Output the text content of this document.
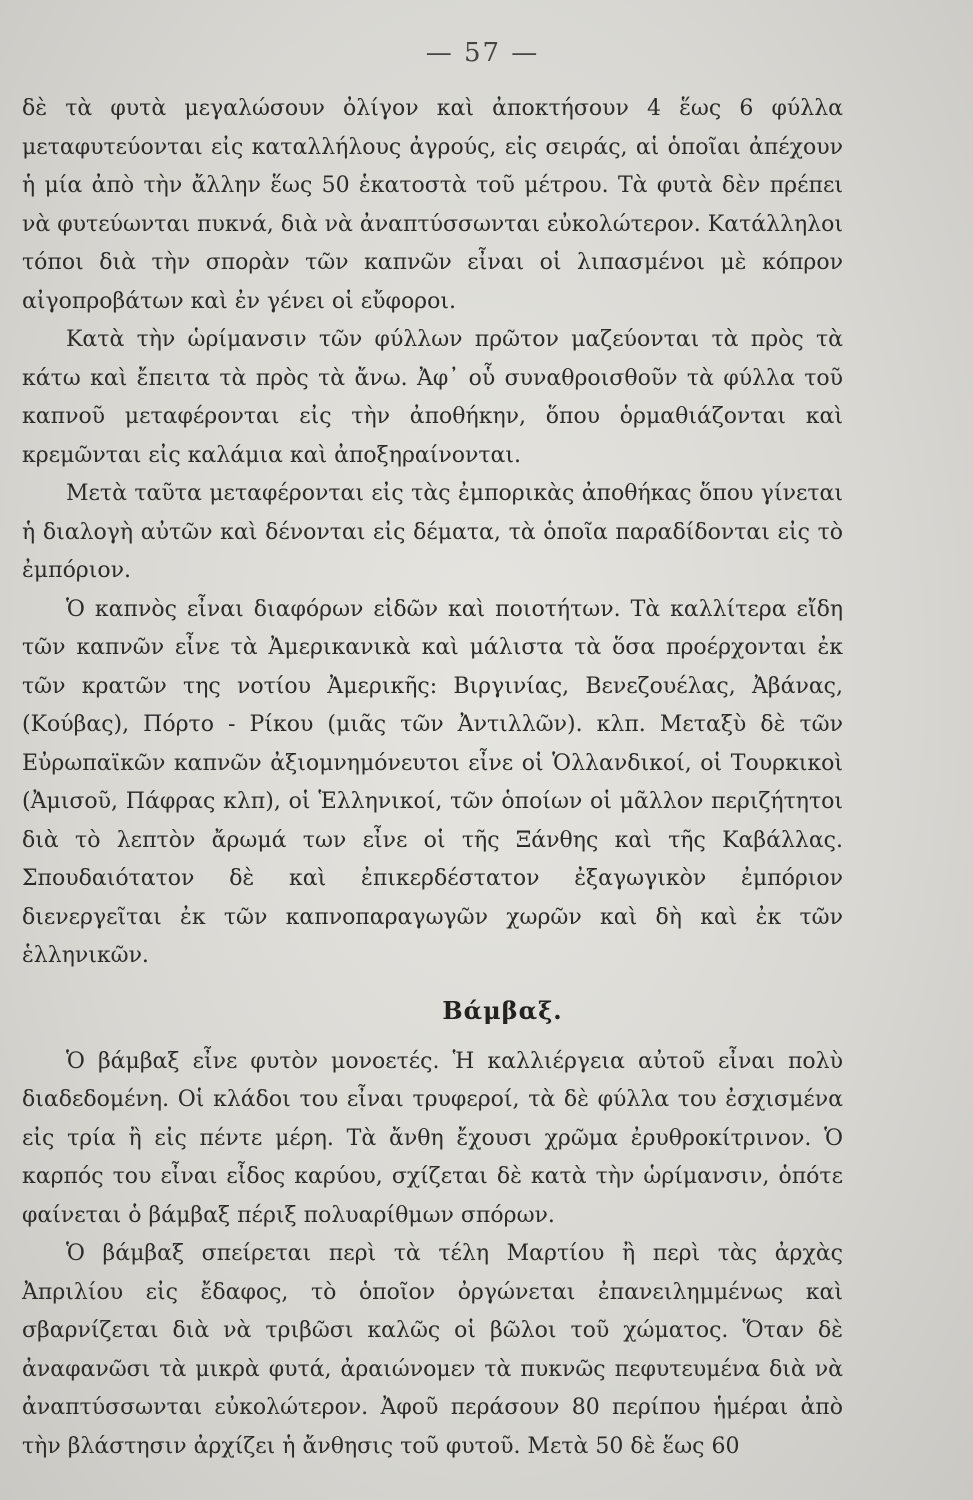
— 57 —

δὲ τὰ φυτὰ μεγαλώσουν ὀλίγον καὶ ἀποκτήσουν 4 ἕως 6 φύλλα μεταφυτεύονται εἰς καταλλήλους ἀγρούς, εἰς σειράς, αἱ ὁποῖαι ἀπέχουν ἡ μία ἀπὸ τὴν ἄλλην ἕως 50 ἑκατοστὰ τοῦ μέτρου. Τὰ φυτὰ δὲν πρέπει νὰ φυτεύωνται πυκνά, διὰ νὰ ἀναπτύσσωνται εὐκολώτερον. Κατάλληλοι τόποι διὰ τὴν σπορὰν τῶν καπνῶν εἶναι οἱ λιπασμένοι μὲ κόπρον αἰγοπροβάτων καὶ ἐν γένει οἱ εὔφοροι.

Κατὰ τὴν ὡρίμανσιν τῶν φύλλων πρῶτον μαζεύονται τὰ πρὸς τὰ κάτω καὶ ἔπειτα τὰ πρὸς τὰ ἄνω. Ἀφ᾽ οὗ συναθροισθοῦν τὰ φύλλα τοῦ καπνοῦ μεταφέρονται εἰς τὴν ἀποθήκην, ὅπου ὁρμαθιάζονται καὶ κρεμῶνται εἰς καλάμια καὶ ἀποξηραίνονται.

Μετὰ ταῦτα μεταφέρονται εἰς τὰς ἐμπορικὰς ἀποθήκας ὅπου γίνεται ἡ διαλογὴ αὐτῶν καὶ δένονται εἰς δέματα, τὰ ὁποῖα παραδίδονται εἰς τὸ ἐμπόριον.

Ὁ καπνὸς εἶναι διαφόρων εἰδῶν καὶ ποιοτήτων. Τὰ καλλίτερα εἴδη τῶν καπνῶν εἶνε τὰ Ἀμερικανικὰ καὶ μάλιστα τὰ ὅσα προέρχονται ἐκ τῶν κρατῶν της νοτίου Ἀμερικῆς: Βιργινίας, Βενεζουέλας, Ἀβάνας, (Κούβας), Πόρτο - Ρίκου (μιᾶς τῶν Ἀντιλλῶν). κλπ. Μεταξὺ δὲ τῶν Εὐρωπαϊκῶν καπνῶν ἀξιομνημόνευτοι εἶνε οἱ Ὁλλανδικοί, οἱ Τουρκικοὶ (Ἀμισοῦ, Πάφρας κλπ), οἱ Ἑλληνικοί, τῶν ὁποίων οἱ μᾶλλον περιζήτητοι διὰ τὸ λεπτὸν ἄρωμά των εἶνε οἱ τῆς Ξάνθης καὶ τῆς Καβάλλας. Σπουδαιότατον δὲ καὶ ἐπικερδέστατον ἐξαγωγικὸν ἐμπόριον διενεργεῖται ἐκ τῶν καπνοπαραγωγῶν χωρῶν καὶ δὴ καὶ ἐκ τῶν ἑλληνικῶν.

Βάμβαξ.

Ὁ βάμβαξ εἶνε φυτὸν μονοετές. Ἡ καλλιέργεια αὐτοῦ εἶναι πολὺ διαδεδομένη. Οἱ κλάδοι του εἶναι τρυφεροί, τὰ δὲ φύλλα του ἐσχισμένα εἰς τρία ἢ εἰς πέντε μέρη. Τὰ ἄνθη ἔχουσι χρῶμα ἐρυθροκίτρινον. Ὁ καρπός του εἶναι εἶδος καρύου, σχίζεται δὲ κατὰ τὴν ὡρίμανσιν, ὁπότε φαίνεται ὁ βάμβαξ πέριξ πολυαρίθμων σπόρων.

Ὁ βάμβαξ σπείρεται περὶ τὰ τέλη Μαρτίου ἢ περὶ τὰς ἀρχὰς Ἀπριλίου εἰς ἔδαφος, τὸ ὁποῖον ὀργώνεται ἐπανειλημμένως καὶ σβαρνίζεται διὰ νὰ τριβῶσι καλῶς οἱ βῶλοι τοῦ χώματος. Ὅταν δὲ ἀναφανῶσι τὰ μικρὰ φυτά, ἀραιώνομεν τὰ πυκνῶς πεφυτευμένα διὰ νὰ ἀναπτύσσωνται εὐκολώτερον. Ἀφοῦ περάσουν 80 περίπου ἡμέραι ἀπὸ τὴν βλάστησιν ἀρχίζει ἡ ἄνθησις τοῦ φυτοῦ. Μετὰ 50 δὲ ἕως 60
